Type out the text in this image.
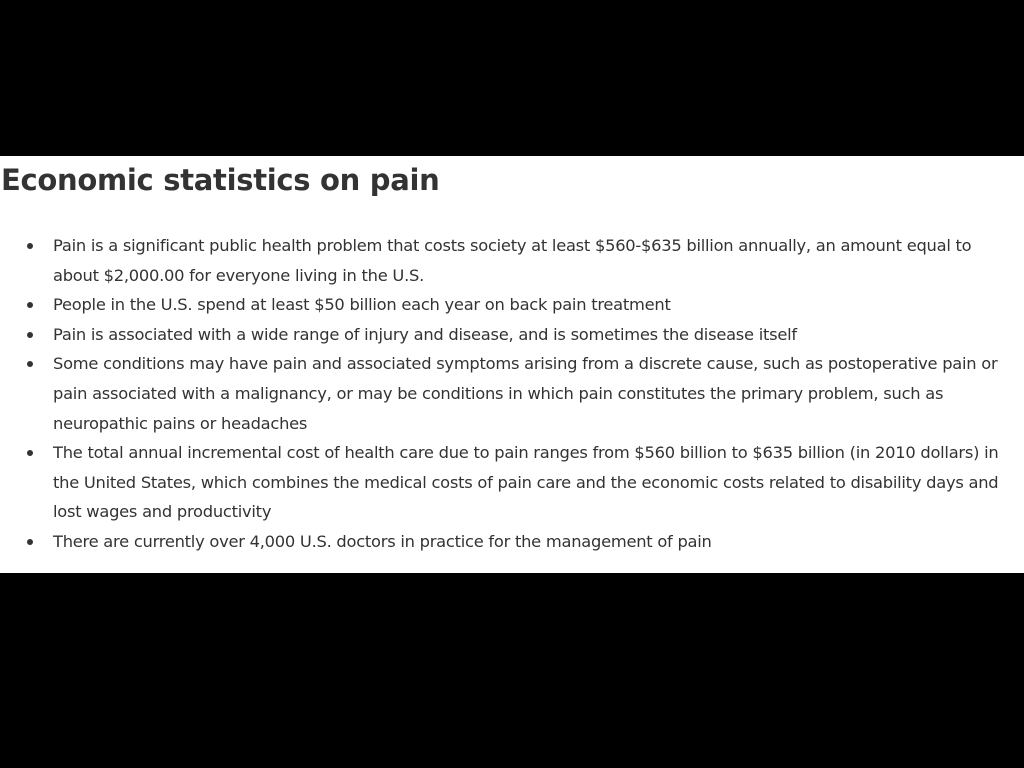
Economic statistics on pain
Pain is a significant public health problem that costs society at least $560-$635 billion annually, an amount equal to about $2,000.00 for everyone living in the U.S.
People in the U.S. spend at least $50 billion each year on back pain treatment
Pain is associated with a wide range of injury and disease, and is sometimes the disease itself
Some conditions may have pain and associated symptoms arising from a discrete cause, such as postoperative pain or pain associated with a malignancy, or may be conditions in which pain constitutes the primary problem, such as neuropathic pains or headaches
The total annual incremental cost of health care due to pain ranges from $560 billion to $635 billion (in 2010 dollars) in the United States, which combines the medical costs of pain care and the economic costs related to disability days and lost wages and productivity
There are currently over 4,000 U.S. doctors in practice for the management of pain
